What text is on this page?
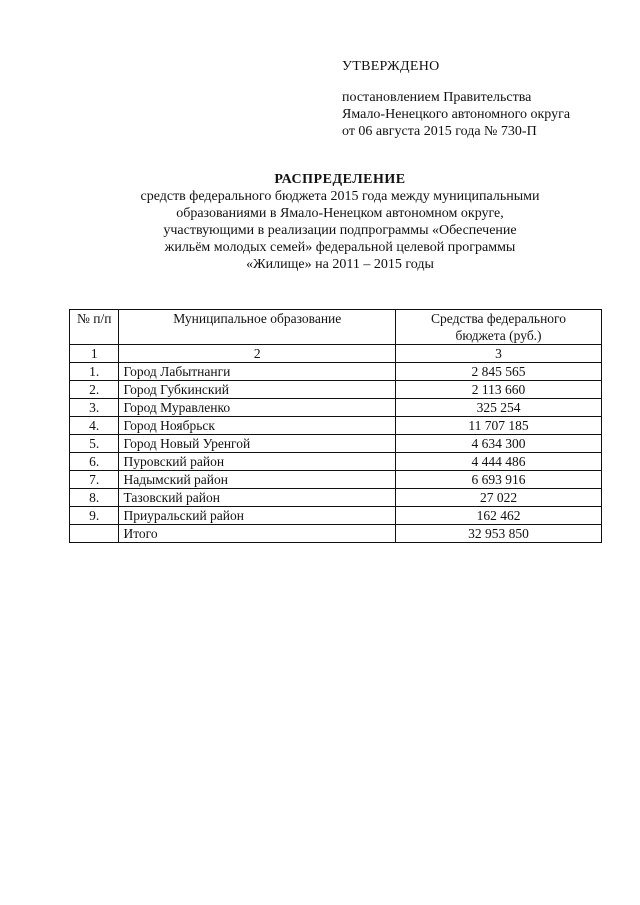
УТВЕРЖДЕНО
постановлением Правительства
Ямало-Ненецкого автономного округа
от 06 августа 2015 года № 730-П
РАСПРЕДЕЛЕНИЕ
средств федерального бюджета 2015 года между муниципальными
образованиями в Ямало-Ненецком автономном округе,
участвующими в реализации подпрограммы «Обеспечение
жильём молодых семей» федеральной целевой программы
«Жилище» на 2011 – 2015 годы
№ п/п	Муниципальное образование	Средства федерального
бюджета (руб.)

1	2	3
1.	Город Лабытнанги	2 845 565
2.	Город Губкинский	2 113 660
3.	Город Муравленко	325 254
4.	Город Ноябрьск	11 707 185
5.	Город Новый Уренгой	4 634 300
6.	Пуровский район	4 444 486
7.	Надымский район	6 693 916
8.	Тазовский район	27 022
9.	Приуральский район	162 462
	Итого	32 953 850
